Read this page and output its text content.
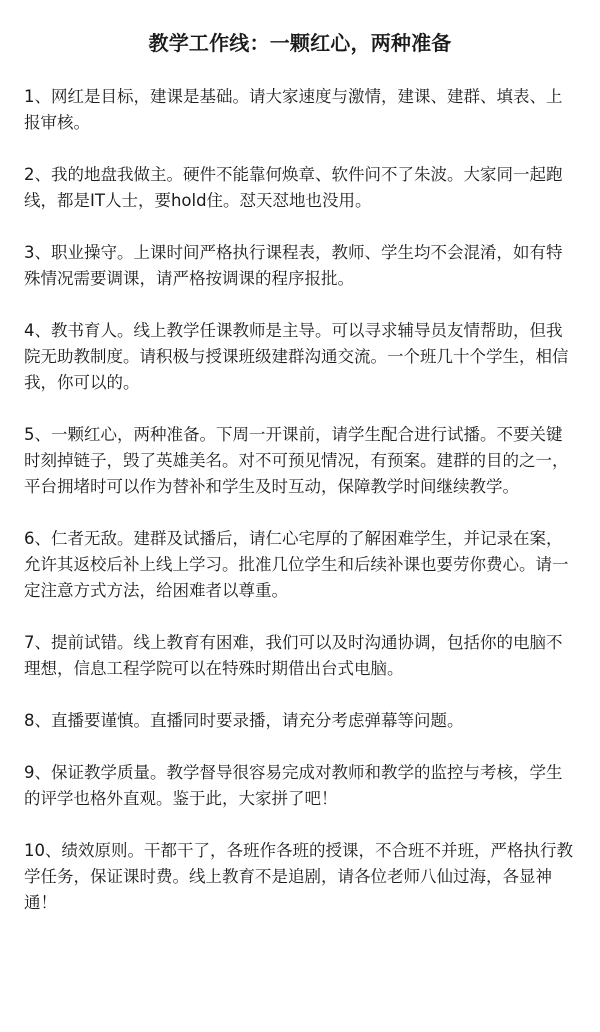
教学工作线：一颗红心，两种准备
1、网红是目标，建课是基础。请大家速度与激情，建课、建群、填表、上报审核。
2、我的地盘我做主。硬件不能靠何焕章、软件问不了朱波。大家同一起跑线，都是IT人士，要hold住。怼天怼地也没用。
3、职业操守。上课时间严格执行课程表，教师、学生均不会混淆，如有特殊情况需要调课，请严格按调课的程序报批。
4、教书育人。线上教学任课教师是主导。可以寻求辅导员友情帮助，但我院无助教制度。请积极与授课班级建群沟通交流。一个班几十个学生，相信我，你可以的。
5、一颗红心，两种准备。下周一开课前，请学生配合进行试播。不要关键时刻掉链子，毁了英雄美名。对不可预见情况，有预案。建群的目的之一，平台拥堵时可以作为替补和学生及时互动，保障教学时间继续教学。
6、仁者无敌。建群及试播后，请仁心宅厚的了解困难学生，并记录在案，允许其返校后补上线上学习。批准几位学生和后续补课也要劳你费心。请一定注意方式方法，给困难者以尊重。
7、提前试错。线上教育有困难，我们可以及时沟通协调，包括你的电脑不理想，信息工程学院可以在特殊时期借出台式电脑。
8、直播要谨慎。直播同时要录播，请充分考虑弹幕等问题。
9、保证教学质量。教学督导很容易完成对教师和教学的监控与考核，学生的评学也格外直观。鉴于此，大家拼了吧！
10、绩效原则。干都干了，各班作各班的授课，不合班不并班，严格执行教学任务，保证课时费。线上教育不是追剧，请各位老师八仙过海，各显神通！
